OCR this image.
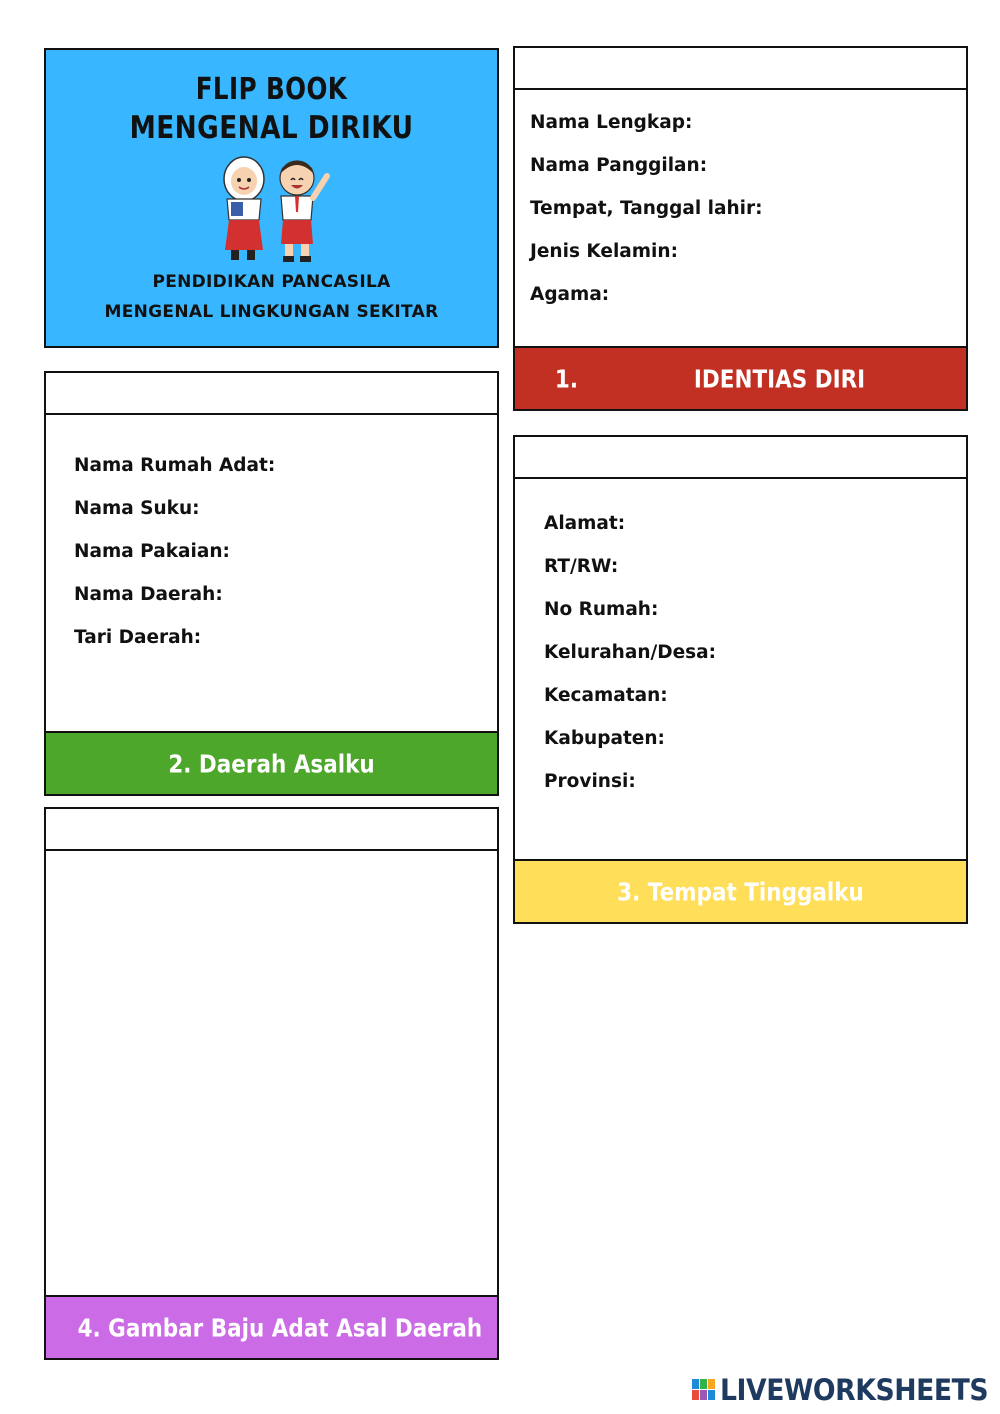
FLIP BOOK
MENGENAL DIRIKU
PENDIDIKAN PANCASILA
MENGENAL LINGKUNGAN SEKITAR
Nama Lengkap:
Nama Panggilan:
Tempat, Tanggal lahir:
Jenis Kelamin:
Agama:
1.	IDENTIAS DIRI
Nama Rumah Adat:
Nama Suku:
Nama Pakaian:
Nama Daerah:
Tari Daerah:
2. Daerah Asalku
Alamat:
RT/RW:
No Rumah:
Kelurahan/Desa:
Kecamatan:
Kabupaten:
Provinsi:
3. Tempat Tinggalku
4. Gambar Baju Adat Asal Daerah
LIVEWORKSHEETS
